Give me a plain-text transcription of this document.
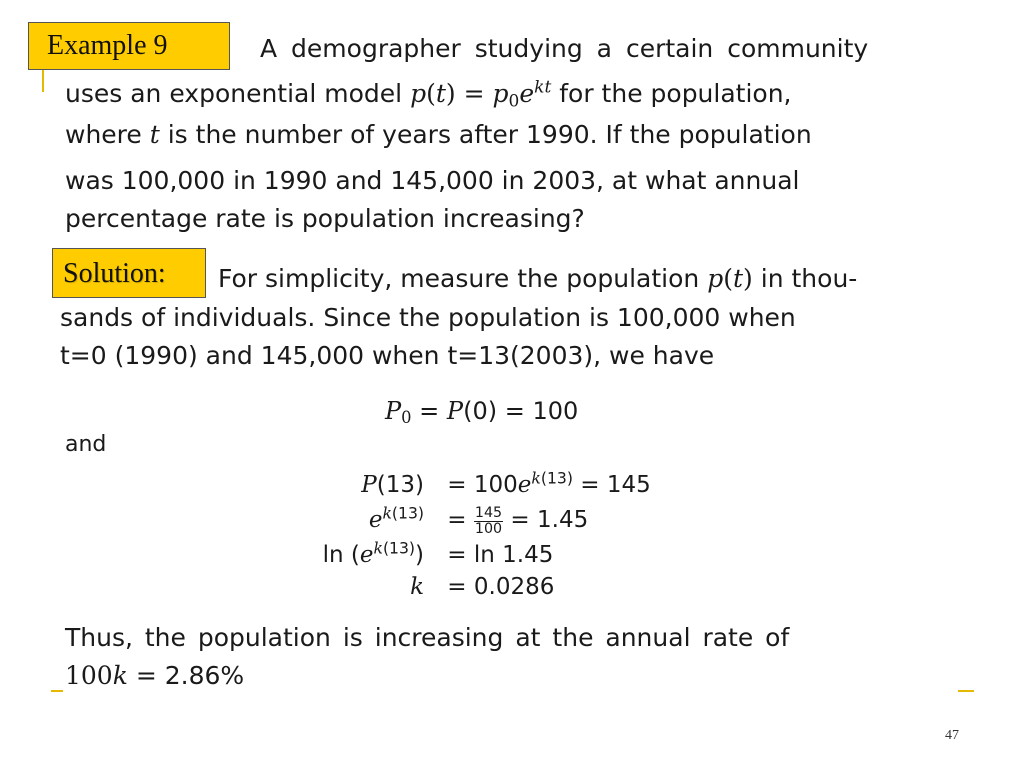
Example 9	A demographer studying a certain community
uses an exponential model $p(t) = p_0e^{kt}$ for the population,
where t is the number of years after 1990. If the population
was 100,000 in 1990 and 145,000 in 2003, at what annual
percentage rate is population increasing?
Solution:	For simplicity, measure the population p(t) in thou-
sands of individuals. Since the population is 100,000 when
t=0 (1990) and 145,000 when t=13(2003), we have
$P_0 = P(0) = 100$
and
$P(13) = 100e^{k(13)} = 145$
$e^{k(13)} = \frac{145}{100} = 1.45$
$\ln (e^{k(13)}) = \ln 1.45$
k = 0.0286
Thus, the population is increasing at the annual rate of
100k = 2.86%
47
